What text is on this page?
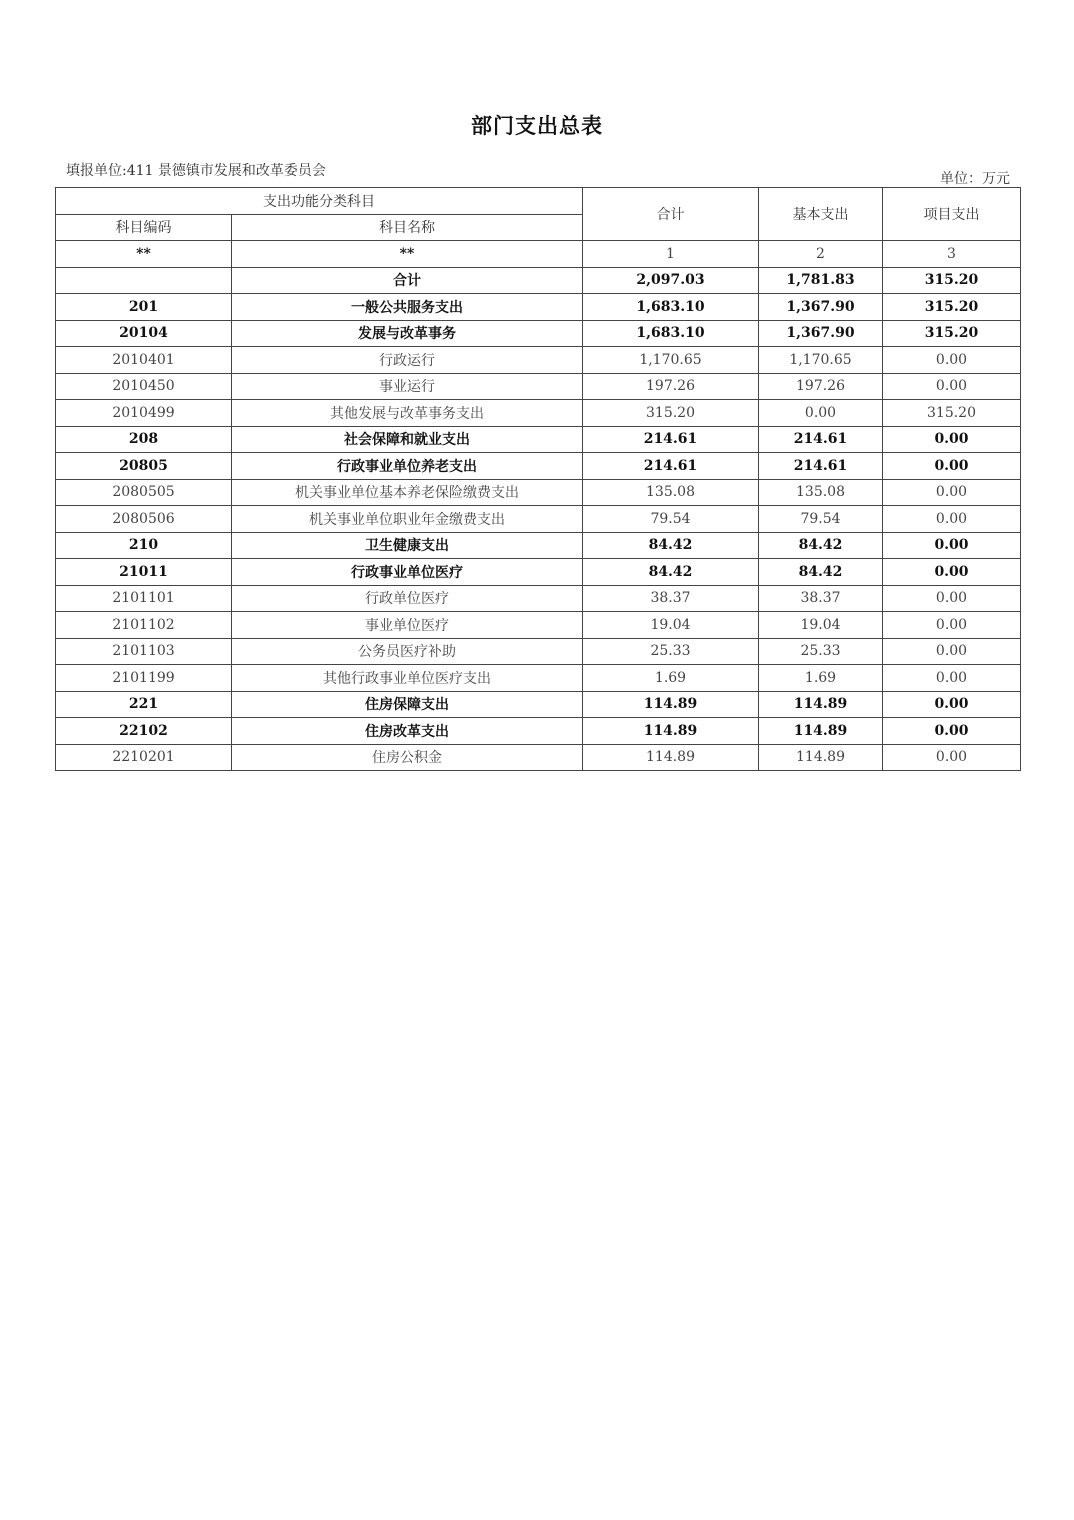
部门支出总表
填报单位:411 景德镇市发展和改革委员会	单位：万元
支出功能分类科目		合计	基本支出	项目支出
科目编码	科目名称			
**	**	1	2	3
	合计	2,097.03	1,781.83	315.20
201	一般公共服务支出	1,683.10	1,367.90	315.20
20104	发展与改革事务	1,683.10	1,367.90	315.20
2010401	行政运行	1,170.65	1,170.65	0.00
2010450	事业运行	197.26	197.26	0.00
2010499	其他发展与改革事务支出	315.20	0.00	315.20
208	社会保障和就业支出	214.61	214.61	0.00
20805	行政事业单位养老支出	214.61	214.61	0.00
2080505	机关事业单位基本养老保险缴费支出	135.08	135.08	0.00
2080506	机关事业单位职业年金缴费支出	79.54	79.54	0.00
210	卫生健康支出	84.42	84.42	0.00
21011	行政事业单位医疗	84.42	84.42	0.00
2101101	行政单位医疗	38.37	38.37	0.00
2101102	事业单位医疗	19.04	19.04	0.00
2101103	公务员医疗补助	25.33	25.33	0.00
2101199	其他行政事业单位医疗支出	1.69	1.69	0.00
221	住房保障支出	114.89	114.89	0.00
22102	住房改革支出	114.89	114.89	0.00
2210201	住房公积金	114.89	114.89	0.00
